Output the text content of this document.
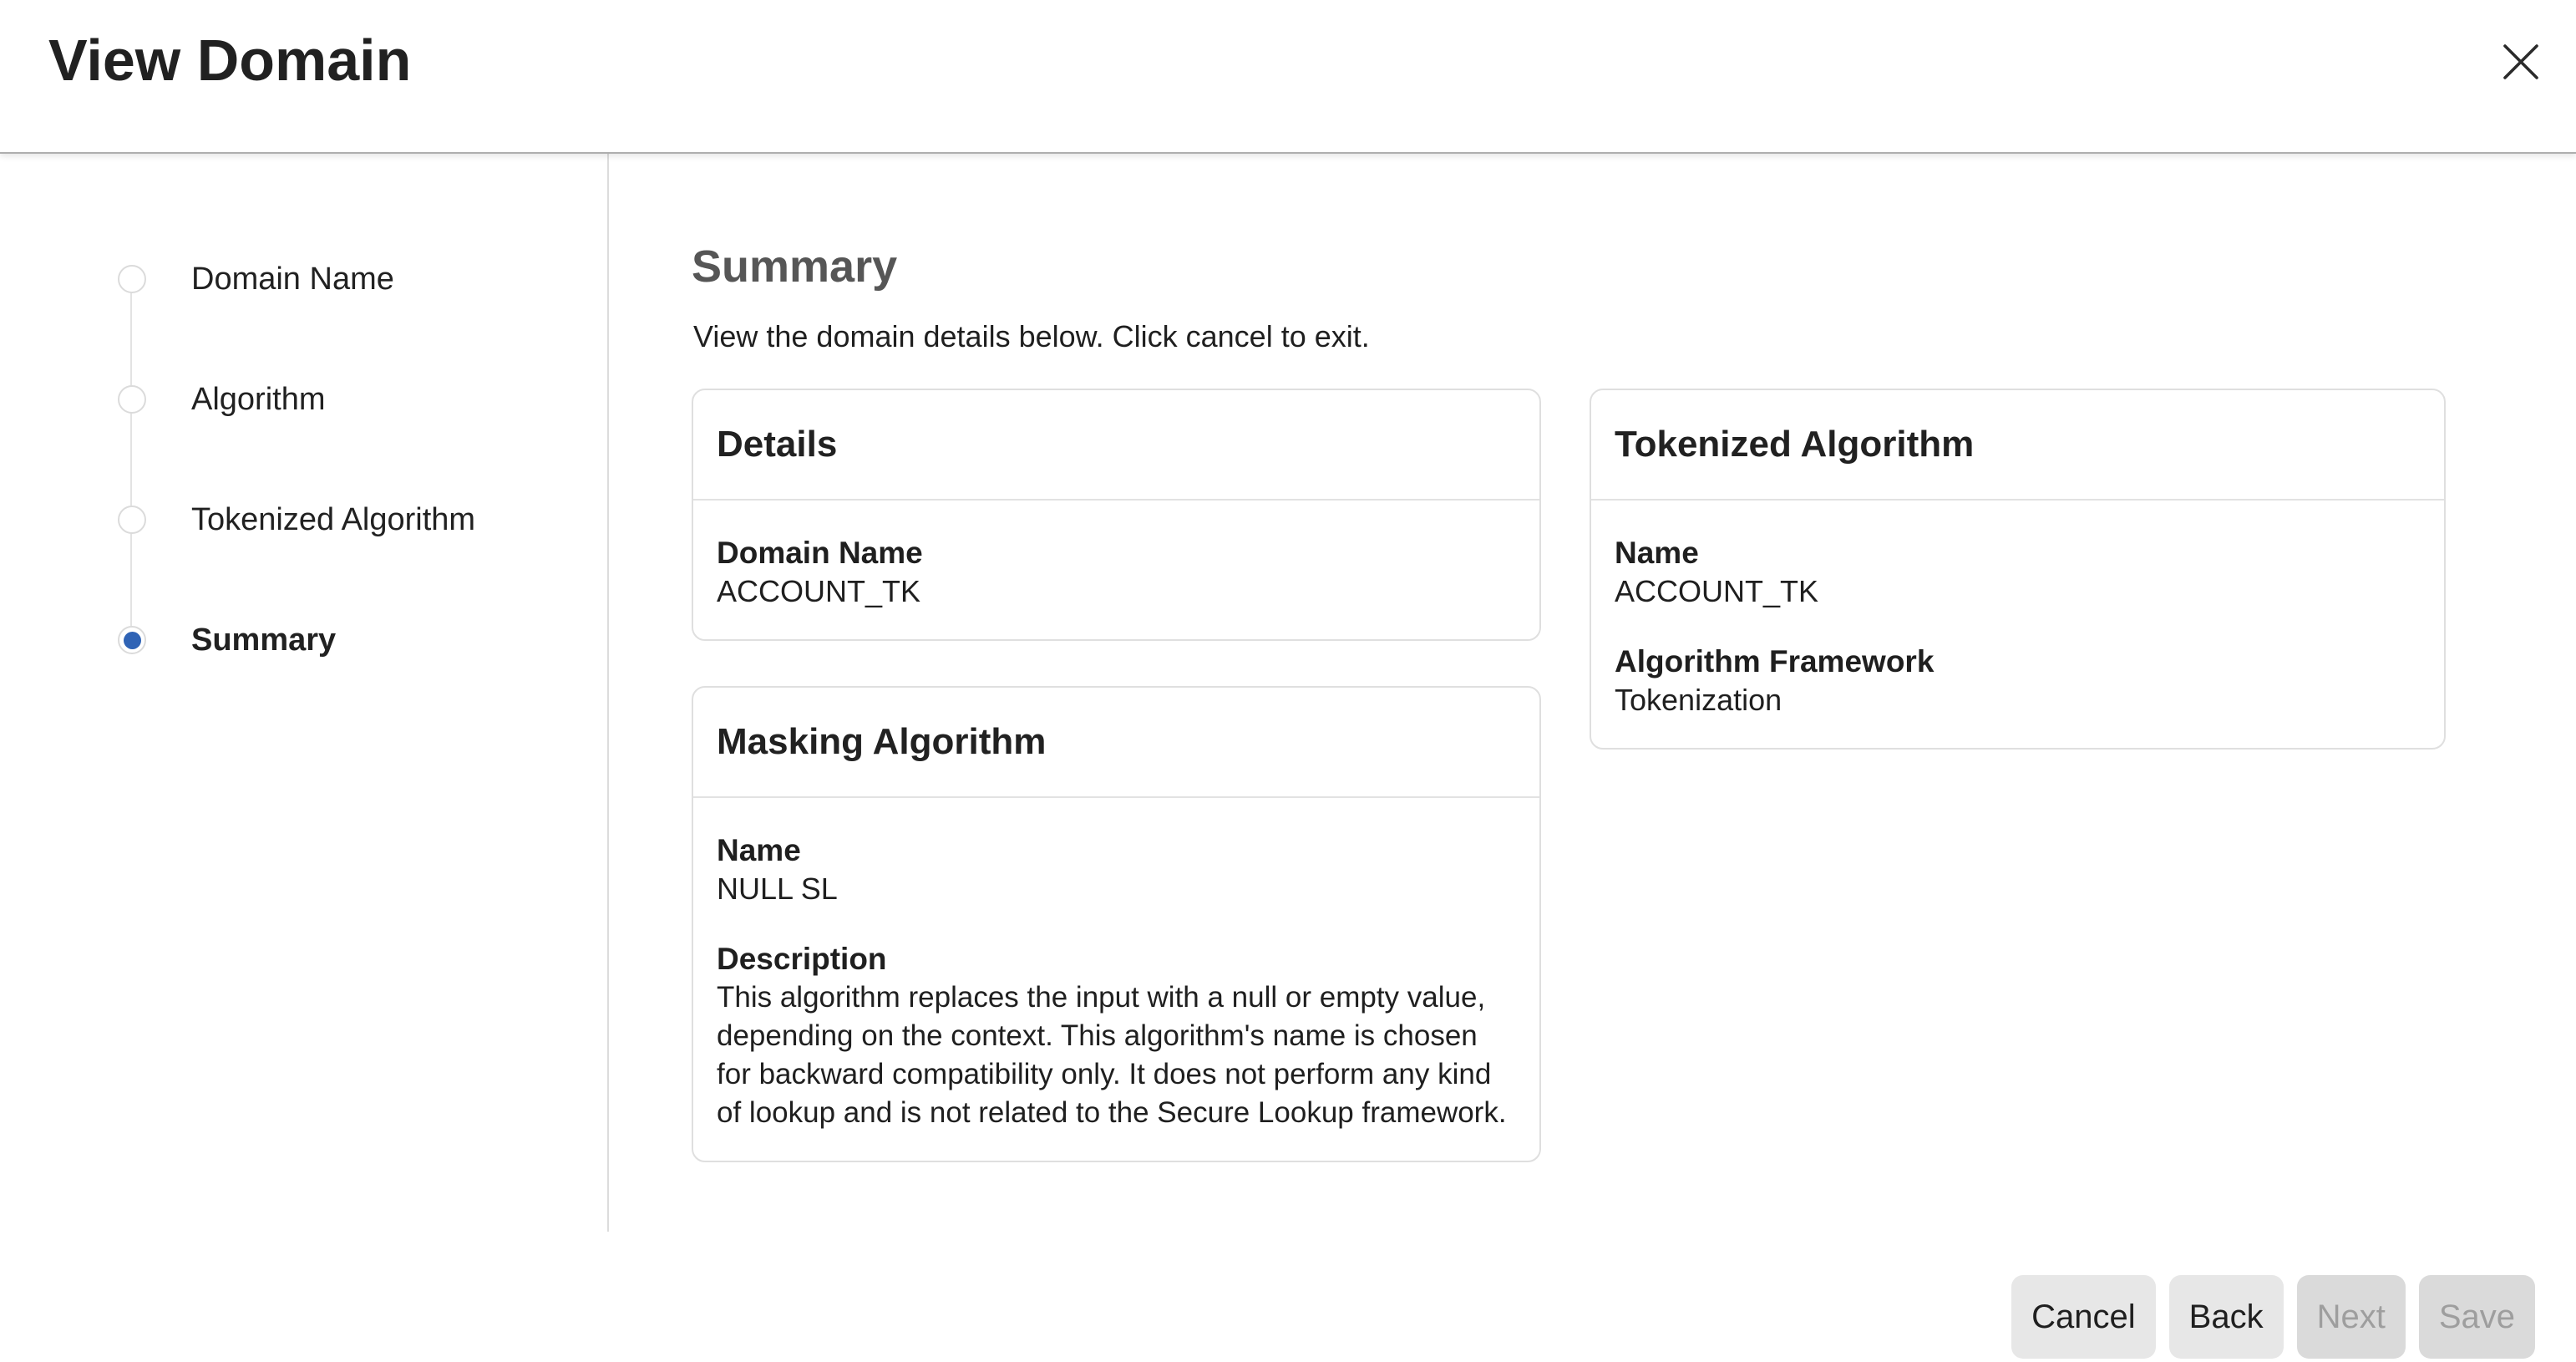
View Domain
Domain Name
Algorithm
Tokenized Algorithm
Summary
Summary
View the domain details below. Click cancel to exit.
Details
Domain Name
ACCOUNT_TK
Masking Algorithm
Name
NULL SL
Description
This algorithm replaces the input with a null or empty value, depending on the context. This algorithm's name is chosen for backward compatibility only. It does not perform any kind of lookup and is not related to the Secure Lookup framework.
Tokenized Algorithm
Name
ACCOUNT_TK
Algorithm Framework
Tokenization
Cancel	Back	Next	Save
